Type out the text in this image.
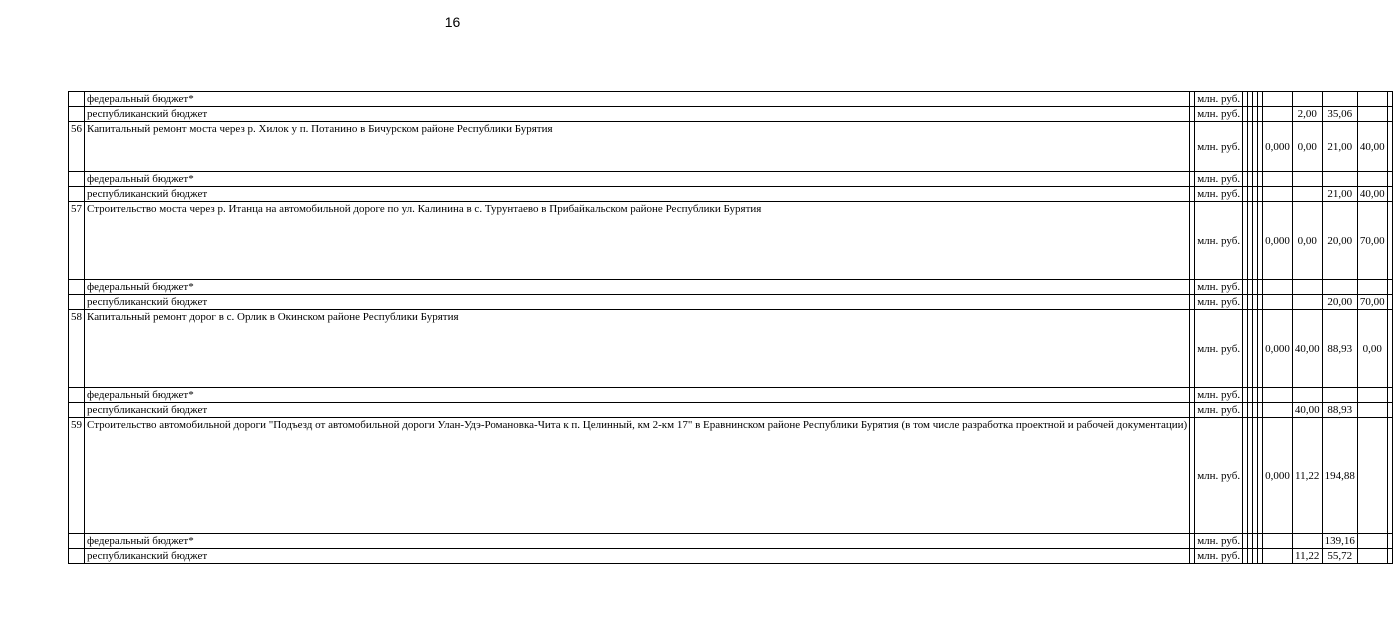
16
	федеральный бюджет*		млн. руб.									
	республиканский бюджет		млн. руб.						2,00	35,06		
56	Капитальный ремонт моста через р. Хилок у п. Потанино в Бичурском районе Республики Бурятия		млн. руб.					0,000	0,00	21,00	40,00	
	федеральный бюджет*		млн. руб.									
	республиканский бюджет		млн. руб.							21,00	40,00	
57	Строительство моста через р. Итанца на автомобильной дороге по ул. Калинина в с. Турунтаево в Прибайкальском районе Республики Бурятия		млн. руб.					0,000	0,00	20,00	70,00	
	федеральный бюджет*		млн. руб.									
	республиканский бюджет		млн. руб.							20,00	70,00	
58	Капитальный ремонт дорог в с. Орлик в Окинском районе Республики Бурятия		млн. руб.					0,000	40,00	88,93	0,00	
	федеральный бюджет*		млн. руб.									
	республиканский бюджет		млн. руб.						40,00	88,93		
59	Строительство автомобильной дороги "Подъезд от автомобильной дороги Улан-Удэ-Романовка-Чита к п. Целинный, км 2-км 17" в Еравнинском районе Республики Бурятия (в том числе разработка проектной и рабочей документации)		млн. руб.					0,000	11,22	194,88		
	федеральный бюджет*		млн. руб.							139,16		
	республиканский бюджет		млн. руб.						11,22	55,72		
